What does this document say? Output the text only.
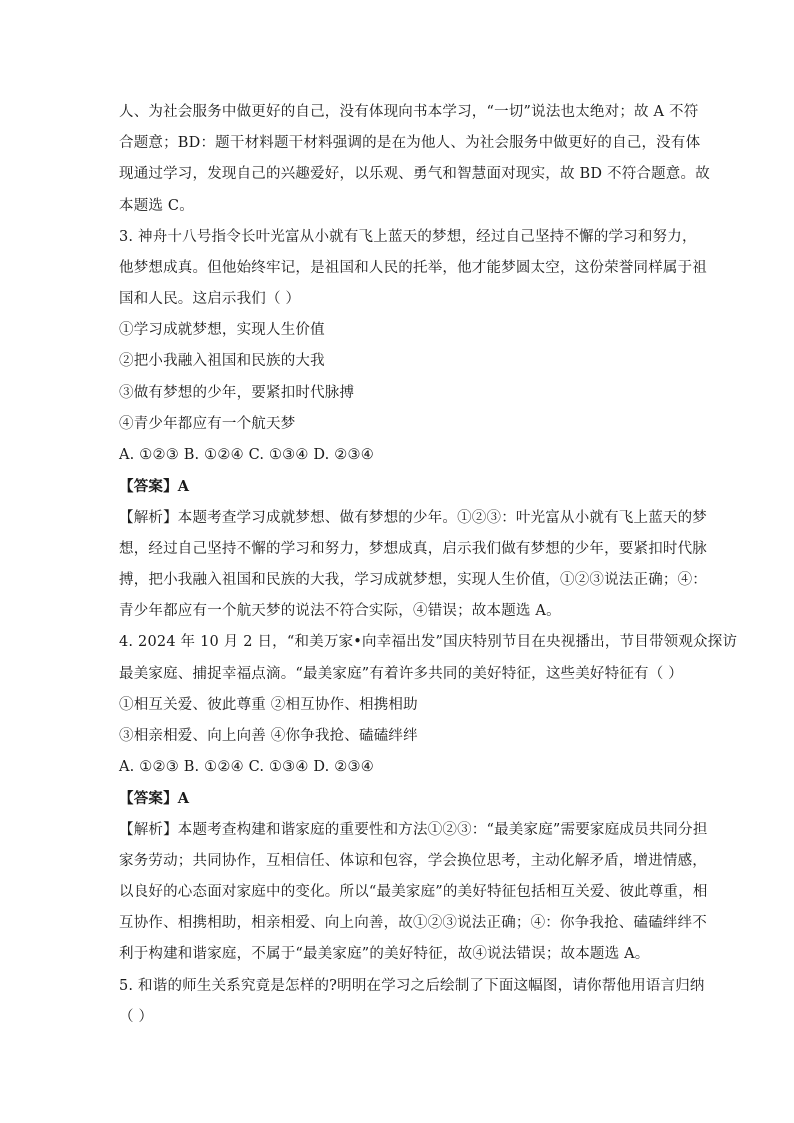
人、为社会服务中做更好的自己，没有体现向书本学习，“一切”说法也太绝对；故 A 不符
合题意；BD：题干材料题干材料强调的是在为他人、为社会服务中做更好的自己，没有体
现通过学习，发现自己的兴趣爱好，以乐观、勇气和智慧面对现实，故 BD 不符合题意。故
本题选 C。
3. 神舟十八号指令长叶光富从小就有飞上蓝天的梦想，经过自己坚持不懈的学习和努力，
他梦想成真。但他始终牢记，是祖国和人民的托举，他才能梦圆太空，这份荣誉同样属于祖
国和人民。这启示我们（ ）
①学习成就梦想，实现人生价值
②把小我融入祖国和民族的大我
③做有梦想的少年，要紧扣时代脉搏
④青少年都应有一个航天梦
A. ①②③ B. ①②④ C. ①③④ D. ②③④
【答案】A
【解析】本题考查学习成就梦想、做有梦想的少年。①②③：叶光富从小就有飞上蓝天的梦
想，经过自己坚持不懈的学习和努力，梦想成真，启示我们做有梦想的少年，要紧扣时代脉
搏，把小我融入祖国和民族的大我，学习成就梦想，实现人生价值，①②③说法正确；④：
青少年都应有一个航天梦的说法不符合实际，④错误；故本题选 A。
4. 2024 年 10 月 2 日，“和美万家•向幸福出发”国庆特别节目在央视播出，节目带领观众探访
最美家庭、捕捉幸福点滴。“最美家庭”有着许多共同的美好特征，这些美好特征有（ ）
①相互关爱、彼此尊重 ②相互协作、相携相助
③相亲相爱、向上向善 ④你争我抢、磕磕绊绊
A. ①②③ B. ①②④ C. ①③④ D. ②③④
【答案】A
【解析】本题考查构建和谐家庭的重要性和方法①②③：“最美家庭”需要家庭成员共同分担
家务劳动；共同协作，互相信任、体谅和包容，学会换位思考，主动化解矛盾，增进情感，
以良好的心态面对家庭中的变化。所以“最美家庭”的美好特征包括相互关爱、彼此尊重，相
互协作、相携相助，相亲相爱、向上向善，故①②③说法正确；④：你争我抢、磕磕绊绊不
利于构建和谐家庭，不属于“最美家庭”的美好特征，故④说法错误；故本题选 A。
5. 和谐的师生关系究竟是怎样的?明明在学习之后绘制了下面这幅图，请你帮他用语言归纳
（ ）
